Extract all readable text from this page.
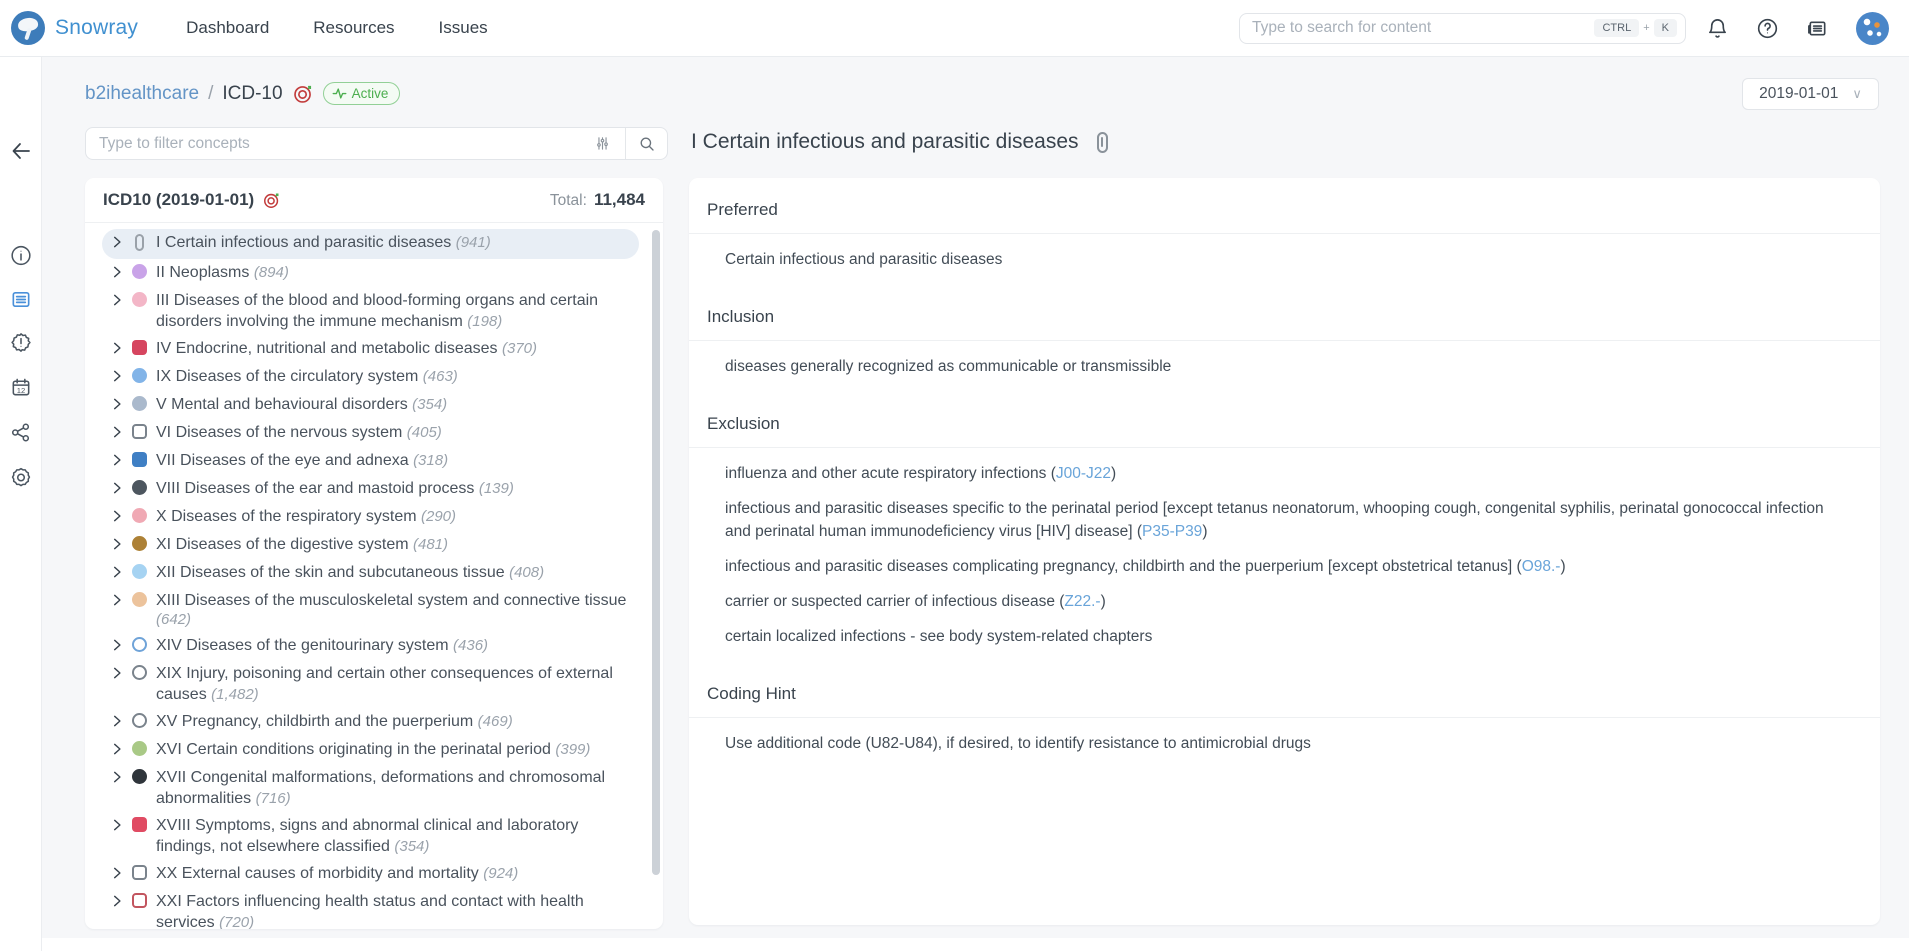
Snowray	Dashboard	Resources	Issues
Type to search for content	CTRL	+	K
12
b2ihealthcare / ICD-10	Active	2019-01-01 ∨
Type to filter concepts
ICD10 (2019-01-01)	Total: 11,484
I Certain infectious and parasitic diseases (941)
II Neoplasms (894)
III Diseases of the blood and blood-forming organs and certain disorders involving the immune mechanism (198)
IV Endocrine, nutritional and metabolic diseases (370)
IX Diseases of the circulatory system (463)
V Mental and behavioural disorders (354)
VI Diseases of the nervous system (405)
VII Diseases of the eye and adnexa (318)
VIII Diseases of the ear and mastoid process (139)
X Diseases of the respiratory system (290)
XI Diseases of the digestive system (481)
XII Diseases of the skin and subcutaneous tissue (408)
XIII Diseases of the musculoskeletal system and connective tissue (642)
XIV Diseases of the genitourinary system (436)
XIX Injury, poisoning and certain other consequences of external causes (1,482)
XV Pregnancy, childbirth and the puerperium (469)
XVI Certain conditions originating in the perinatal period (399)
XVII Congenital malformations, deformations and chromosomal abnormalities (716)
XVIII Symptoms, signs and abnormal clinical and laboratory findings, not elsewhere classified (354)
XX External causes of morbidity and mortality (924)
XXI Factors influencing health status and contact with health services (720)
I Certain infectious and parasitic diseases
Preferred
Certain infectious and parasitic diseases
Inclusion
diseases generally recognized as communicable or transmissible
Exclusion
influenza and other acute respiratory infections (J00-J22)
infectious and parasitic diseases specific to the perinatal period [except tetanus neonatorum, whooping cough, congenital syphilis, perinatal gonococcal infection and perinatal human immunodeficiency virus [HIV] disease] (P35-P39)
infectious and parasitic diseases complicating pregnancy, childbirth and the puerperium [except obstetrical tetanus] (O98.-)
carrier or suspected carrier of infectious disease (Z22.-)
certain localized infections - see body system-related chapters
Coding Hint
Use additional code (U82-U84), if desired, to identify resistance to antimicrobial drugs
